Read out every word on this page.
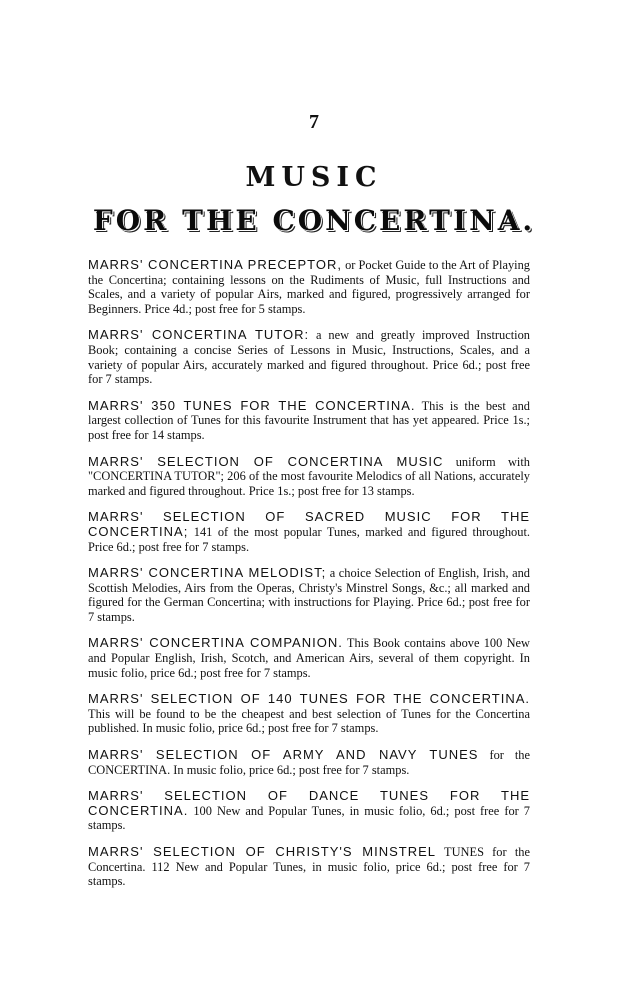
7
MUSIC
FOR THE CONCERTINA.

MARRS' CONCERTINA PRECEPTOR, or Pocket Guide to the Art of Playing the Concertina; containing lessons on the Rudiments of Music, full Instructions and Scales, and a variety of popular Airs, marked and figured, progressively arranged for Beginners. Price 4d.; post free for 5 stamps.

MARRS' CONCERTINA TUTOR: a new and greatly improved Instruction Book; containing a concise Series of Lessons in Music, Instructions, Scales, and a variety of popular Airs, accurately marked and figured throughout. Price 6d.; post free for 7 stamps.

MARRS' 350 TUNES FOR THE CONCERTINA. This is the best and largest collection of Tunes for this favourite Instrument that has yet appeared. Price 1s.; post free for 14 stamps.

MARRS' SELECTION OF CONCERTINA MUSIC uniform with "CONCERTINA TUTOR"; 206 of the most favourite Melodics of all Nations, accurately marked and figured throughout. Price 1s.; post free for 13 stamps.

MARRS' SELECTION OF SACRED MUSIC FOR THE CONCERTINA; 141 of the most popular Tunes, marked and figured throughout. Price 6d.; post free for 7 stamps.

MARRS' CONCERTINA MELODIST; a choice Selection of English, Irish, and Scottish Melodies, Airs from the Operas, Christy's Minstrel Songs, &c.; all marked and figured for the German Concertina; with instructions for Playing. Price 6d.; post free for 7 stamps.

MARRS' CONCERTINA COMPANION. This Book contains above 100 New and Popular English, Irish, Scotch, and American Airs, several of them copyright. In music folio, price 6d.; post free for 7 stamps.

MARRS' SELECTION OF 140 TUNES FOR THE CONCERTINA. This will be found to be the cheapest and best selection of Tunes for the Concertina published. In music folio, price 6d.; post free for 7 stamps.

MARRS' SELECTION OF ARMY AND NAVY TUNES for the CONCERTINA. In music folio, price 6d.; post free for 7 stamps.

MARRS' SELECTION OF DANCE TUNES FOR THE CONCERTINA. 100 New and Popular Tunes, in music folio, 6d.; post free for 7 stamps.

MARRS' SELECTION OF CHRISTY'S MINSTREL TUNES for the Concertina. 112 New and Popular Tunes, in music folio, price 6d.; post free for 7 stamps.
